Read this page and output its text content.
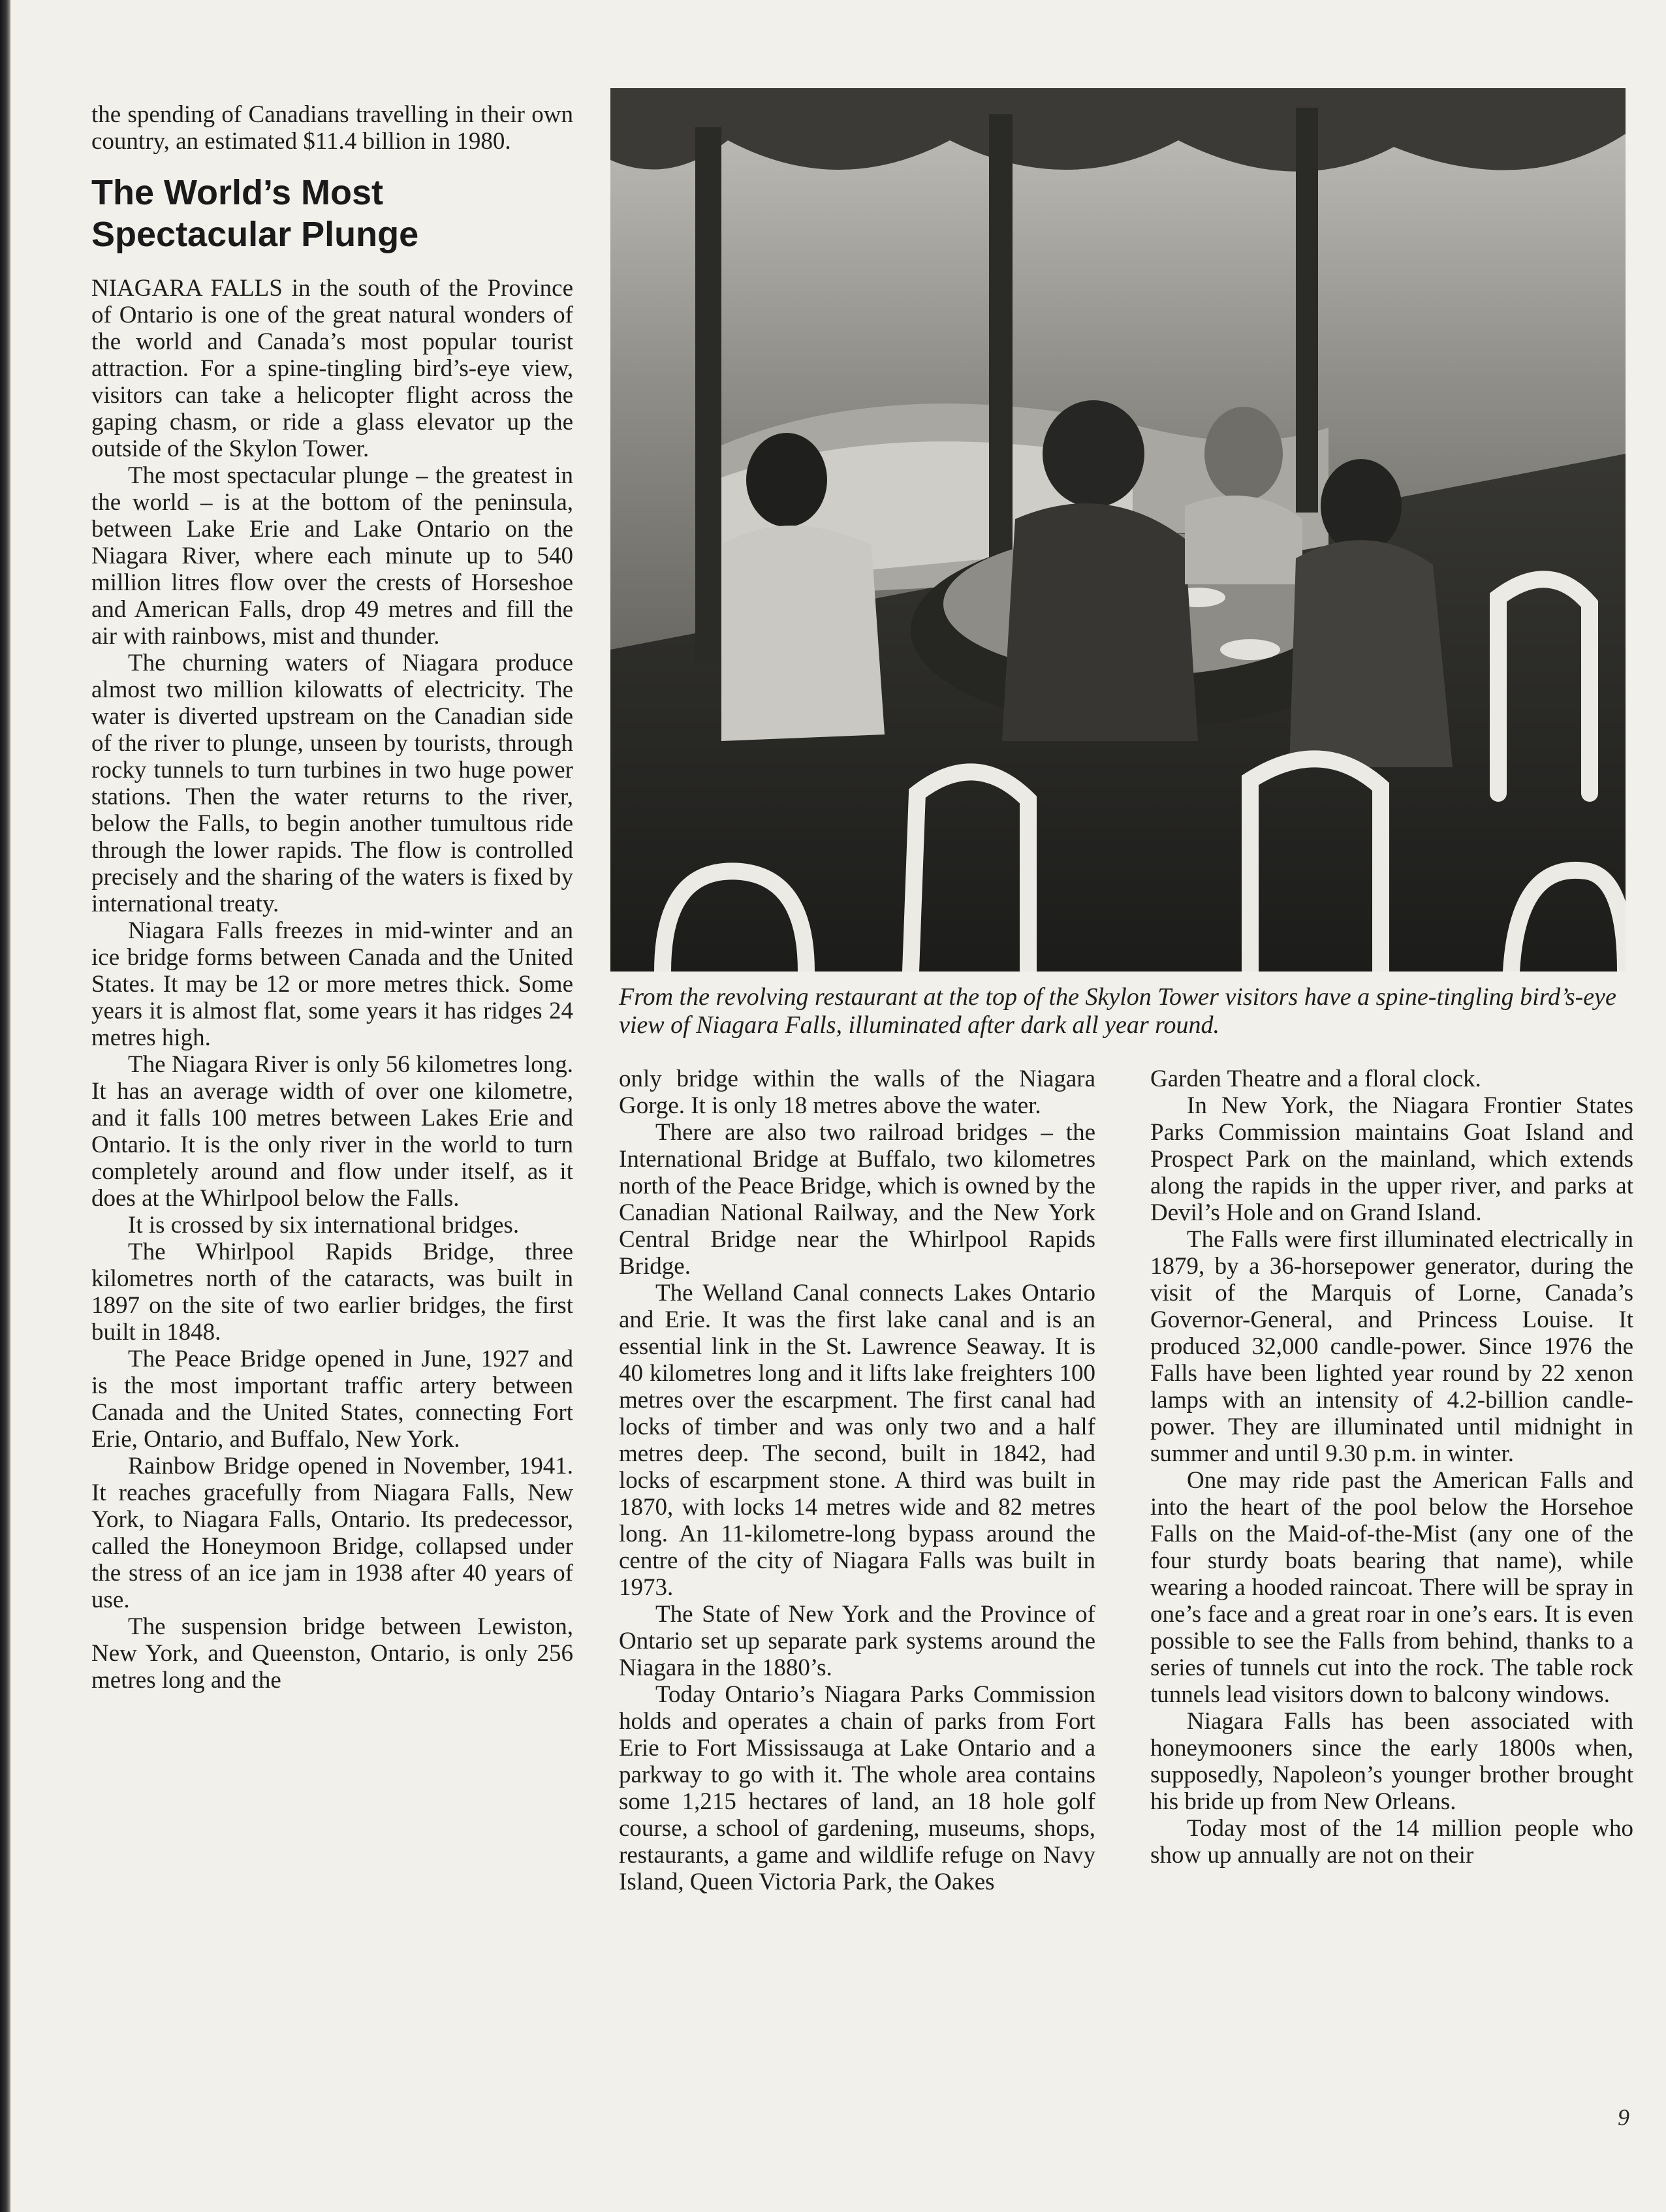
the spending of Canadians travelling in their own country, an estimated $11.4 billion in 1980.

The World’s Most Spectacular Plunge

NIAGARA FALLS in the south of the Province of Ontario is one of the great natural wonders of the world and Canada’s most popular tourist attraction. For a spine-tingling bird’s-eye view, visitors can take a helicopter flight across the gaping chasm, or ride a glass elevator up the outside of the Skylon Tower.

The most spectacular plunge – the greatest in the world – is at the bottom of the peninsula, between Lake Erie and Lake Ontario on the Niagara River, where each minute up to 540 million litres flow over the crests of Horseshoe and American Falls, drop 49 metres and fill the air with rainbows, mist and thunder.

The churning waters of Niagara produce almost two million kilowatts of electricity. The water is diverted upstream on the Canadian side of the river to plunge, unseen by tourists, through rocky tunnels to turn turbines in two huge power stations. Then the water returns to the river, below the Falls, to begin another tumultous ride through the lower rapids. The flow is controlled precisely and the sharing of the waters is fixed by international treaty.

Niagara Falls freezes in mid-winter and an ice bridge forms between Canada and the United States. It may be 12 or more metres thick. Some years it is almost flat, some years it has ridges 24 metres high.

The Niagara River is only 56 kilometres long. It has an average width of over one kilometre, and it falls 100 metres between Lakes Erie and Ontario. It is the only river in the world to turn completely around and flow under itself, as it does at the Whirlpool below the Falls.

It is crossed by six international bridges.

The Whirlpool Rapids Bridge, three kilometres north of the cataracts, was built in 1897 on the site of two earlier bridges, the first built in 1848.

The Peace Bridge opened in June, 1927 and is the most important traffic artery between Canada and the United States, connecting Fort Erie, Ontario, and Buffalo, New York.

Rainbow Bridge opened in November, 1941. It reaches gracefully from Niagara Falls, New York, to Niagara Falls, Ontario. Its predecessor, called the Honeymoon Bridge, collapsed under the stress of an ice jam in 1938 after 40 years of use.

The suspension bridge between Lewiston, New York, and Queenston, Ontario, is only 256 metres long and the

From the revolving restaurant at the top of the Skylon Tower visitors have a spine-tingling bird’s-eye view of Niagara Falls, illuminated after dark all year round.

only bridge within the walls of the Niagara Gorge. It is only 18 metres above the water.

There are also two railroad bridges – the International Bridge at Buffalo, two kilometres north of the Peace Bridge, which is owned by the Canadian National Railway, and the New York Central Bridge near the Whirlpool Rapids Bridge.

The Welland Canal connects Lakes Ontario and Erie. It was the first lake canal and is an essential link in the St. Lawrence Seaway. It is 40 kilometres long and it lifts lake freighters 100 metres over the escarpment. The first canal had locks of timber and was only two and a half metres deep. The second, built in 1842, had locks of escarpment stone. A third was built in 1870, with locks 14 metres wide and 82 metres long. An 11-kilometre-long bypass around the centre of the city of Niagara Falls was built in 1973.

The State of New York and the Province of Ontario set up separate park systems around the Niagara in the 1880’s.

Today Ontario’s Niagara Parks Commission holds and operates a chain of parks from Fort Erie to Fort Mississauga at Lake Ontario and a parkway to go with it. The whole area contains some 1,215 hectares of land, an 18 hole golf course, a school of gardening, museums, shops, restaurants, a game and wildlife refuge on Navy Island, Queen Victoria Park, the Oakes

Garden Theatre and a floral clock.

In New York, the Niagara Frontier States Parks Commission maintains Goat Island and Prospect Park on the mainland, which extends along the rapids in the upper river, and parks at Devil’s Hole and on Grand Island.

The Falls were first illuminated electrically in 1879, by a 36-horsepower generator, during the visit of the Marquis of Lorne, Canada’s Governor-General, and Princess Louise. It produced 32,000 candle-power. Since 1976 the Falls have been lighted year round by 22 xenon lamps with an intensity of 4.2-billion candle-power. They are illuminated until midnight in summer and until 9.30 p.m. in winter.

One may ride past the American Falls and into the heart of the pool below the Horsehoe Falls on the Maid-of-the-Mist (any one of the four sturdy boats bearing that name), while wearing a hooded raincoat. There will be spray in one’s face and a great roar in one’s ears. It is even possible to see the Falls from behind, thanks to a series of tunnels cut into the rock. The table rock tunnels lead visitors down to balcony windows.

Niagara Falls has been associated with honeymooners since the early 1800s when, supposedly, Napoleon’s younger brother brought his bride up from New Orleans.

Today most of the 14 million people who show up annually are not on their

9
